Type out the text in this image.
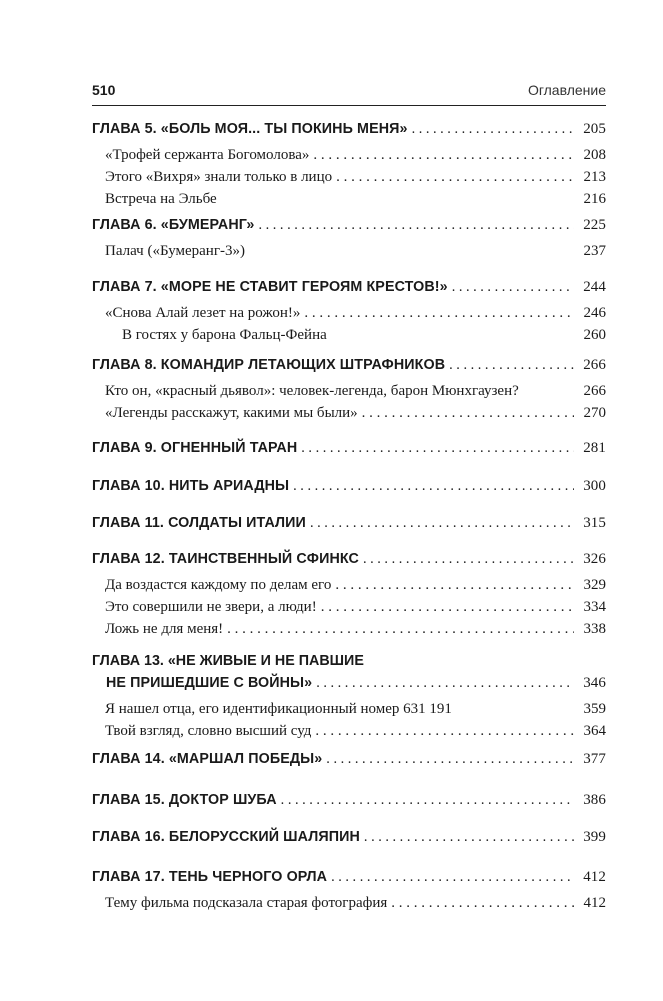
510	Оглавление
ГЛАВА 5. «БОЛЬ МОЯ... ТЫ ПОКИНЬ МЕНЯ» . . .	205
«Трофей сержанта Богомолова» . . .	208
Этого «Вихря» знали только в лицо . . .	213
Встреча на Эльбе	216
ГЛАВА 6. «БУМЕРАНГ» . . .	225
Палач («Бумеранг-3»)	237
ГЛАВА 7. «МОРЕ НЕ СТАВИТ ГЕРОЯМ КРЕСТОВ!» . . .	244
«Снова Алай лезет на рожон!» . . .	246
В гостях у барона Фальц-Фейна	260
ГЛАВА 8. КОМАНДИР ЛЕТАЮЩИХ ШТРАФНИКОВ . . .	266
Кто он, «красный дьявол»: человек-легенда, барон Мюнхгаузен?	266
«Легенды расскажут, какими мы были» . . .	270
ГЛАВА 9. ОГНЕННЫЙ ТАРАН . . .	281
ГЛАВА 10. НИТЬ АРИАДНЫ . . .	300
ГЛАВА 11. СОЛДАТЫ ИТАЛИИ . . .	315
ГЛАВА 12. ТАИНСТВЕННЫЙ СФИНКС . . .	326
Да воздастся каждому по делам его . . .	329
Это совершили не звери, а люди! . . .	334
Ложь не для меня! . . .	338
ГЛАВА 13. «НЕ ЖИВЫЕ И НЕ ПАВШИЕ
НЕ ПРИШЕДШИЕ С ВОЙНЫ» . . .	346
Я нашел отца, его идентификационный номер 631 191	359
Твой взгляд, словно высший суд . . .	364
ГЛАВА 14. «МАРШАЛ ПОБЕДЫ» . . .	377
ГЛАВА 15. ДОКТОР ШУБА . . .	386
ГЛАВА 16. БЕЛОРУССКИЙ ШАЛЯПИН . . .	399
ГЛАВА 17. ТЕНЬ ЧЕРНОГО ОРЛА . . .	412
Тему фильма подсказала старая фотография . . .	412
